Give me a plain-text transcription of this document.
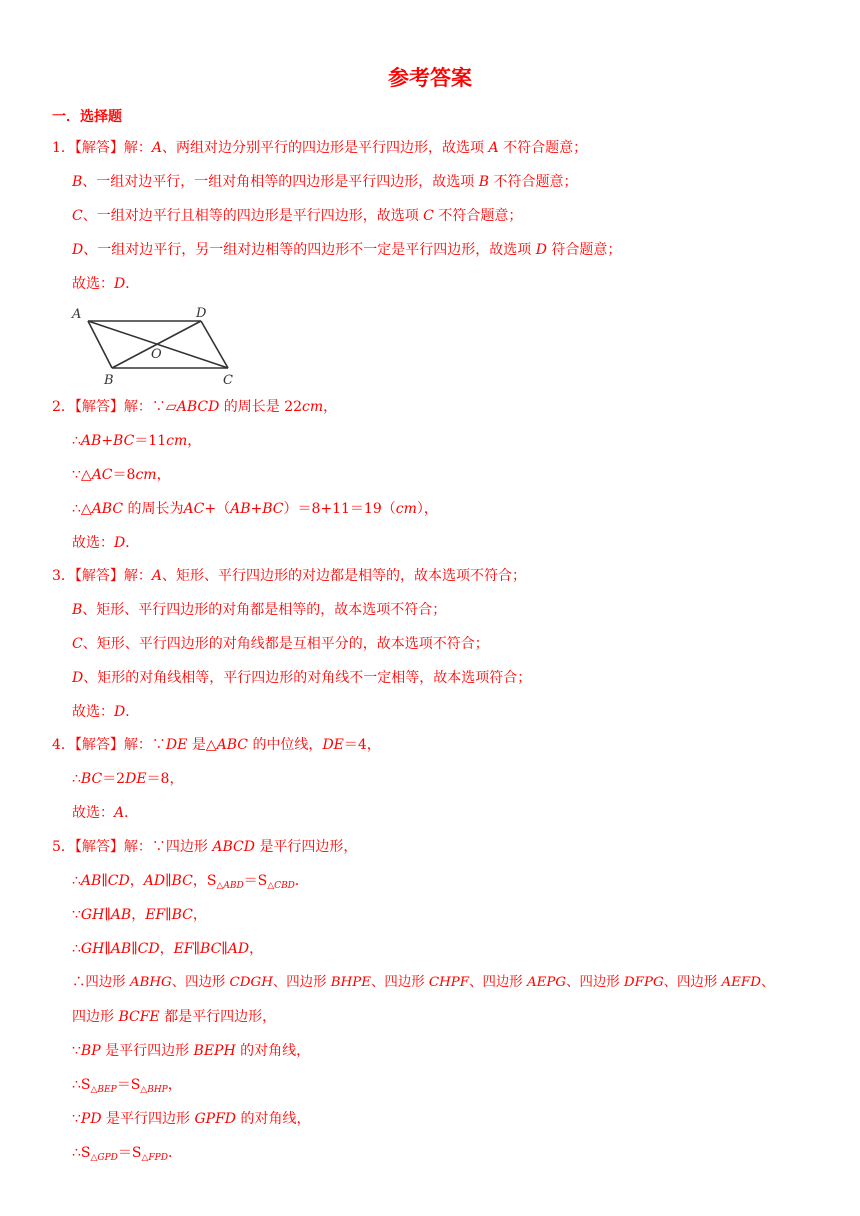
参考答案
一．选择题
1．【解答】解：A、两组对边分别平行的四边形是平行四边形，故选项 A 不符合题意；
B、一组对边平行，一组对角相等的四边形是平行四边形，故选项 B 不符合题意；
C、一组对边平行且相等的四边形是平行四边形，故选项 C 不符合题意；
D、一组对边平行，另一组对边相等的四边形不一定是平行四边形，故选项 D 符合题意；
故选：D．
A	D
O
B	C
2．【解答】解：∵▱ABCD 的周长是 22cm，
∴AB+BC＝11cm，
∵△AC＝8cm，
∴△ABC 的周长为AC+（AB+BC）＝8+11＝19（cm），
故选：D．
3．【解答】解：A、矩形、平行四边形的对边都是相等的，故本选项不符合；
B、矩形、平行四边形的对角都是相等的，故本选项不符合；
C、矩形、平行四边形的对角线都是互相平分的，故本选项不符合；
D、矩形的对角线相等，平行四边形的对角线不一定相等，故本选项符合；
故选：D．
4．【解答】解：∵DE 是△ABC 的中位线，DE＝4，
∴BC＝2DE＝8，
故选：A．
5．【解答】解：∵四边形 ABCD 是平行四边形，
∴AB∥CD，AD∥BC，$S_{\triangle ABD}=S_{\triangle CBD}$．
∵GH∥AB，EF∥BC，
∴GH∥AB∥CD，EF∥BC∥AD，
∴四边形 ABHG、四边形 CDGH、四边形 BHPE、四边形 CHPF、四边形 AEPG、四边形 DFPG、四边形 AEFD、
四边形 BCFE 都是平行四边形，
∵BP 是平行四边形 BEPH 的对角线，
$\therefore S_{\triangle BEP}=S_{\triangle BHP}$，
∵PD 是平行四边形 GPFD 的对角线，
$\therefore S_{\triangle GPD}=S_{\triangle FPD}$．
